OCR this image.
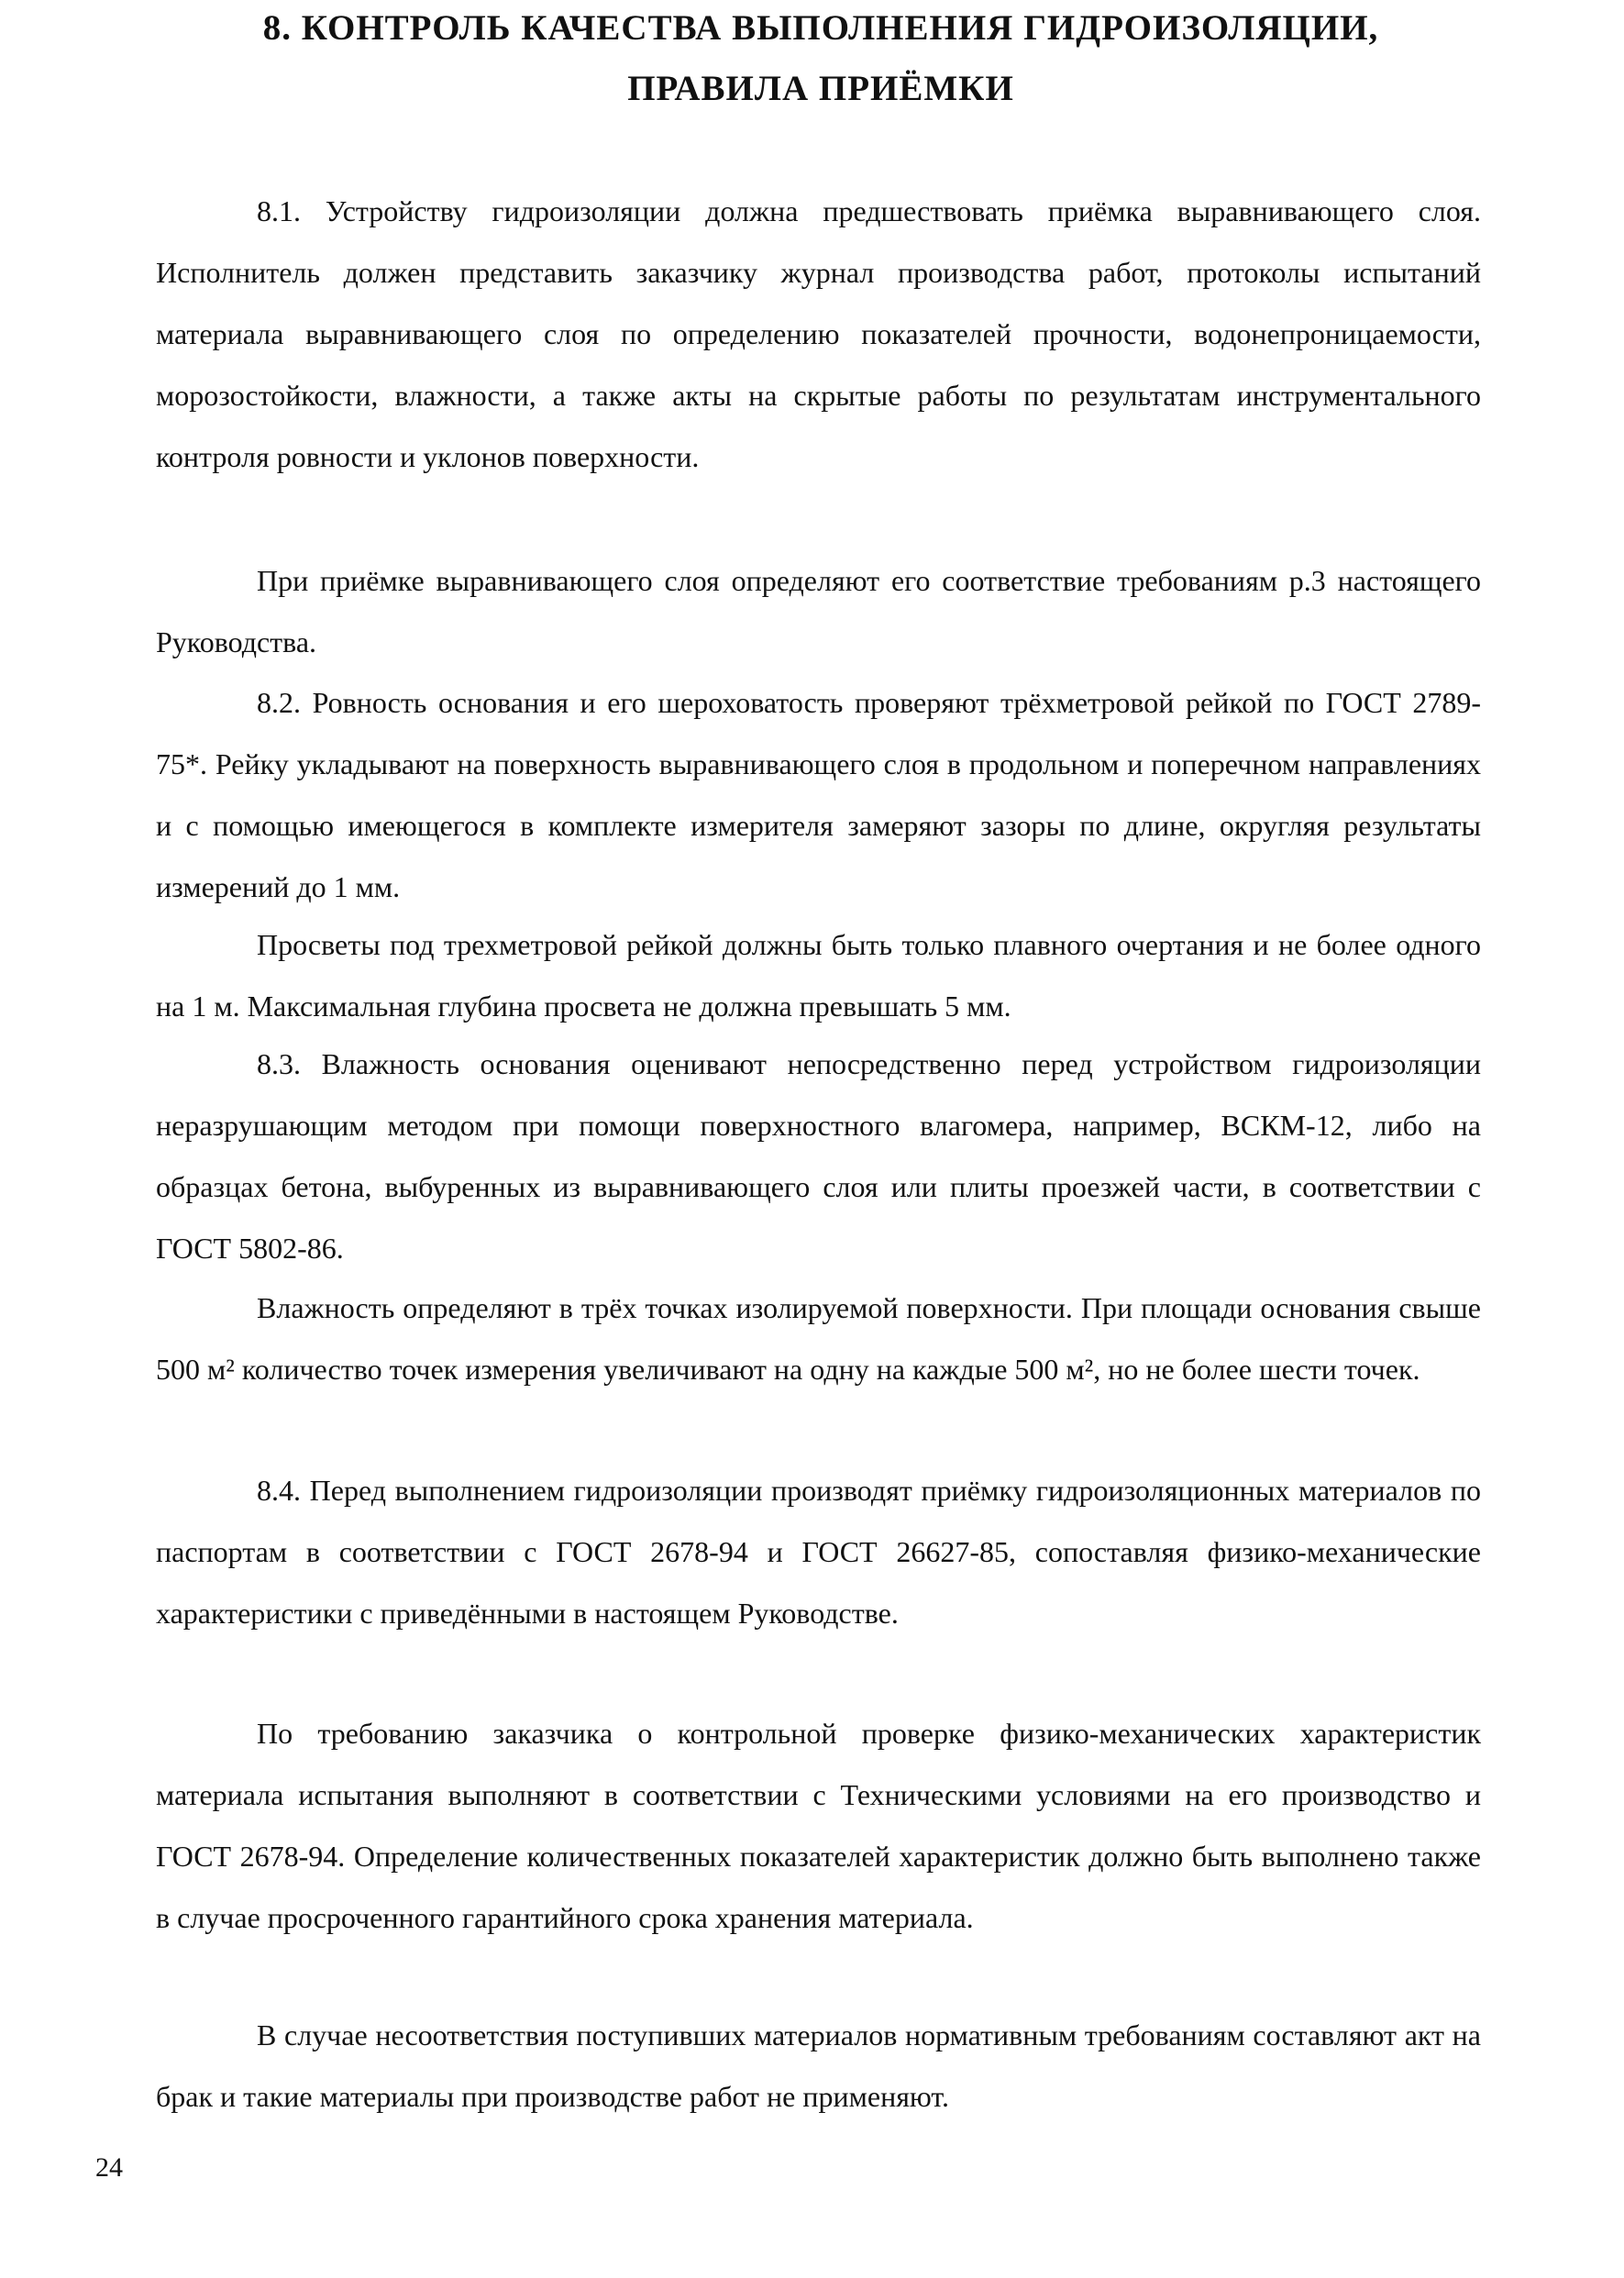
8. КОНТРОЛЬ КАЧЕСТВА ВЫПОЛНЕНИЯ ГИДРОИЗОЛЯЦИИ,
ПРАВИЛА ПРИЁМКИ
8.1. Устройству гидроизоляции должна предшествовать приёмка выравнивающего слоя. Исполнитель должен представить заказчику журнал производства работ, протоколы испытаний материала выравнивающего слоя по определению показателей прочности, водонепроницаемости, морозостойкости, влажности, а также акты на скрытые работы по результатам инструментального контроля ровности и уклонов поверхности.
При приёмке выравнивающего слоя определяют его соответствие требованиям р.3 настоящего Руководства.
8.2. Ровность основания и его шероховатость проверяют трёхметровой рейкой по ГОСТ 2789-75*. Рейку укладывают на поверхность выравнивающего слоя в продольном и поперечном направлениях и с помощью имеющегося в комплекте измерителя замеряют зазоры по длине, округляя результаты измерений до 1 мм.
Просветы под трехметровой рейкой должны быть только плавного очертания и не более одного на 1 м. Максимальная глубина просвета не должна превышать 5 мм.
8.3. Влажность основания оценивают непосредственно перед устройством гидроизоляции неразрушающим методом при помощи поверхностного влагомера, например, ВСКМ-12, либо на образцах бетона, выбуренных из выравнивающего слоя или плиты проезжей части, в соответствии с ГОСТ 5802-86.
Влажность определяют в трёх точках изолируемой поверхности. При площади основания свыше 500 м² количество точек измерения увеличивают на одну на каждые 500 м², но не более шести точек.
8.4. Перед выполнением гидроизоляции производят приёмку гидроизоляционных материалов по паспортам в соответствии с ГОСТ 2678-94 и ГОСТ 26627-85, сопоставляя физико-механические характеристики с приведёнными в настоящем Руководстве.
По требованию заказчика о контрольной проверке физико-механических характеристик материала испытания выполняют в соответствии с Техническими условиями на его производство и ГОСТ 2678-94. Определение количественных показателей характеристик должно быть выполнено также в случае просроченного гарантийного срока хранения материала.
В случае несоответствия поступивших материалов нормативным требованиям составляют акт на брак и такие материалы при производстве работ не применяют.
24
